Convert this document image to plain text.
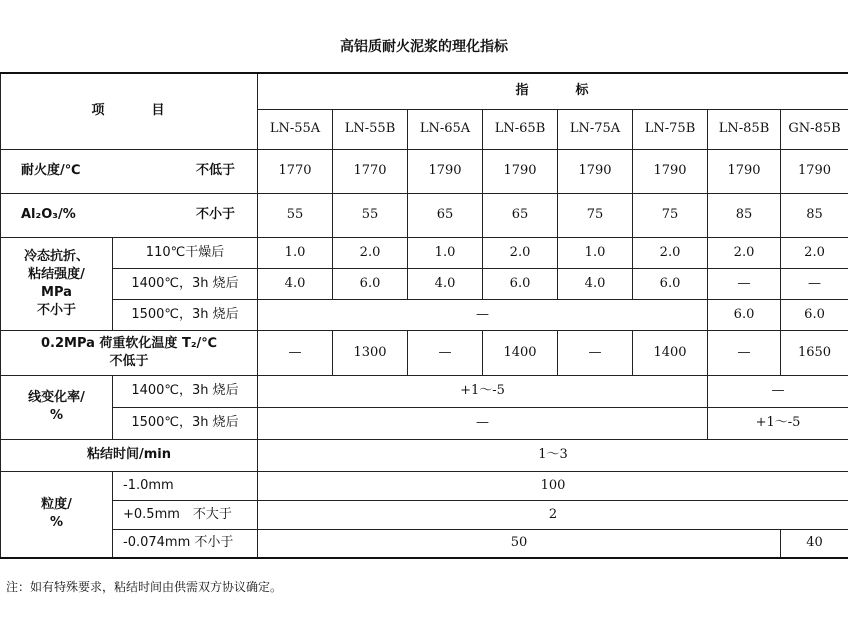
高铝质耐火泥浆的理化指标
项　　　目		指　　　标							
		LN-55A	LN-55B	LN-65A	LN-65B	LN-75A	LN-75B	LN-85B	GN-85B

耐火度/℃ 不低于		1770	1770	1790	1790	1790	1790	1790	1790

Al₂O₃/% 不小于		55	55	65	65	75	75	85	85

冷态抗折、
粘结强度/
MPa
不小于	110℃干燥后	1.0	2.0	1.0	2.0	1.0	2.0	2.0	2.0
	1400℃，3h 烧后	4.0	6.0	4.0	6.0	4.0	6.0	—	—
	1500℃，3h 烧后	—						6.0	6.0

0.2MPa 荷重软化温度 T₂/℃
不低于		—	1300	—	1400	—	1400	—	1650

线变化率/
%	1400℃，3h 烧后	+1～-5						—	
	1500℃，3h 烧后	—						+1～-5	
粘结时间/min		1～3							

粒度/
%	-1.0mm	100							
	+0.5mm　不大于	2							
	-0.074mm 不小于	50							40
注：如有特殊要求，粘结时间由供需双方协议确定。
